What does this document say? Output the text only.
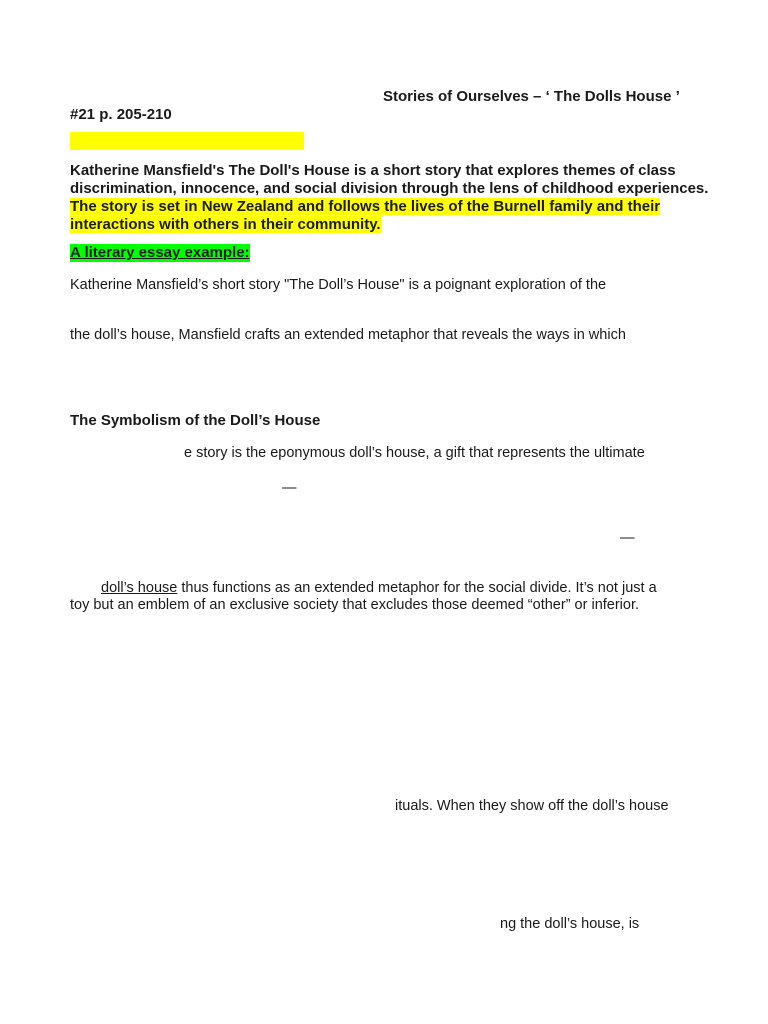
Stories of Ourselves – ‘ The Dolls House ’
#21 p. 205-210
Katherine Mansfield's The Doll's House is a short story that explores themes of class discrimination, innocence, and social division through the lens of childhood experiences. The story is set in New Zealand and follows the lives of the Burnell family and their interactions with others in their community.
A literary essay example:
Katherine Mansfield’s short story "The Doll’s House" is a poignant exploration of the
the doll’s house, Mansfield crafts an extended metaphor that reveals the ways in which
The Symbolism of the Doll’s House
e story is the eponymous doll’s house, a gift that represents the ultimate
—
—
doll’s house thus functions as an extended metaphor for the social divide. It’s not just a
toy but an emblem of an exclusive society that excludes those deemed “other” or inferior.
ituals. When they show off the doll’s house
ng the doll’s house, is
